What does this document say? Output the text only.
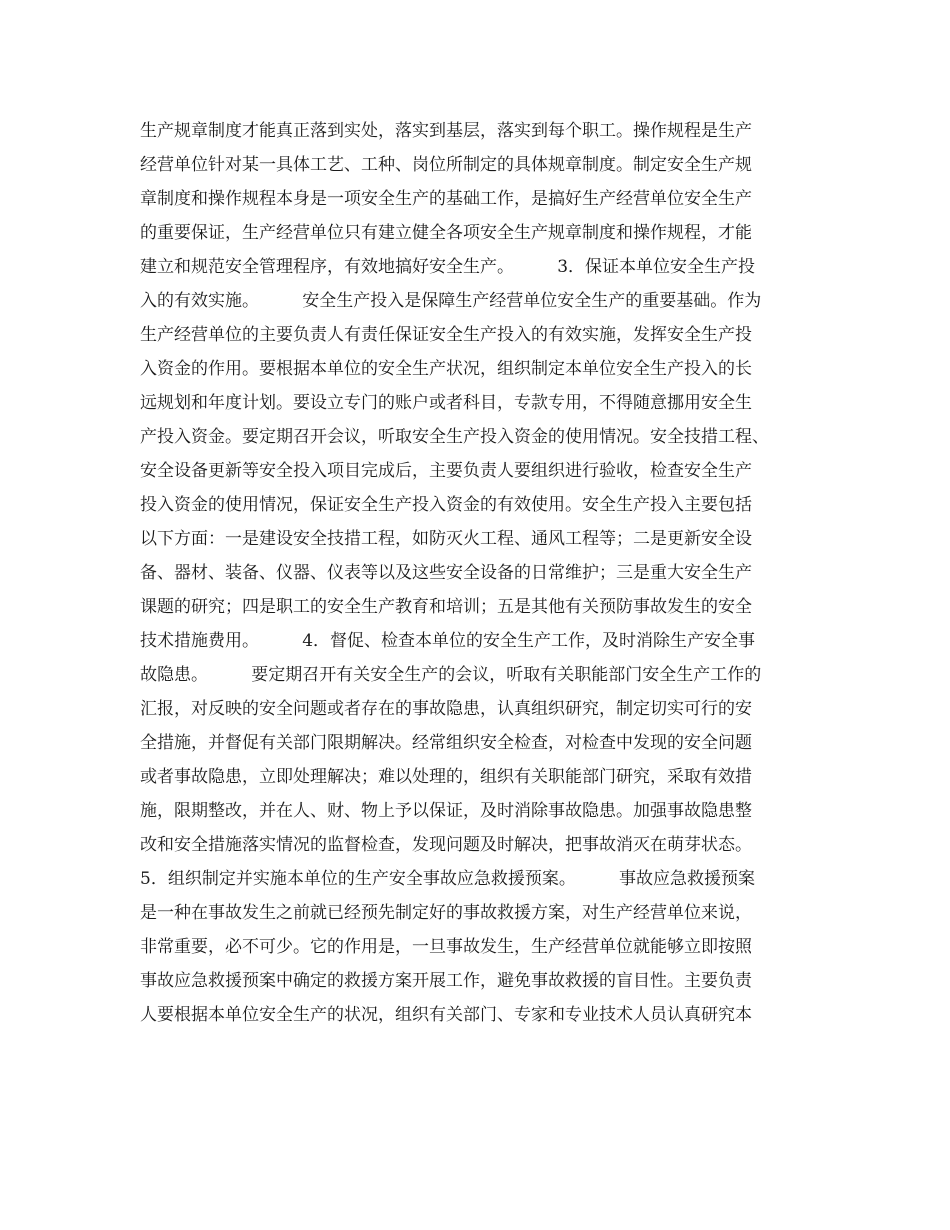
生产规章制度才能真正落到实处，落实到基层，落实到每个职工。操作规程是生产
经营单位针对某一具体工艺、工种、岗位所制定的具体规章制度。制定安全生产规
章制度和操作规程本身是一项安全生产的基础工作，是搞好生产经营单位安全生产
的重要保证，生产经营单位只有建立健全各项安全生产规章制度和操作规程，才能
建立和规范安全管理程序，有效地搞好安全生产。        3．保证本单位安全生产投
入的有效实施。        安全生产投入是保障生产经营单位安全生产的重要基础。作为
生产经营单位的主要负责人有责任保证安全生产投入的有效实施，发挥安全生产投
入资金的作用。要根据本单位的安全生产状况，组织制定本单位安全生产投入的长
远规划和年度计划。要设立专门的账户或者科目，专款专用，不得随意挪用安全生
产投入资金。要定期召开会议，听取安全生产投入资金的使用情况。安全技措工程、
安全设备更新等安全投入项目完成后，主要负责人要组织进行验收，检查安全生产
投入资金的使用情况，保证安全生产投入资金的有效使用。安全生产投入主要包括
以下方面：一是建设安全技措工程，如防灭火工程、通风工程等；二是更新安全设
备、器材、装备、仪器、仪表等以及这些安全设备的日常维护；三是重大安全生产
课题的研究；四是职工的安全生产教育和培训；五是其他有关预防事故发生的安全
技术措施费用。        4．督促、检查本单位的安全生产工作，及时消除生产安全事
故隐患。        要定期召开有关安全生产的会议，听取有关职能部门安全生产工作的
汇报，对反映的安全问题或者存在的事故隐患，认真组织研究，制定切实可行的安
全措施，并督促有关部门限期解决。经常组织安全检查，对检查中发现的安全问题
或者事故隐患，立即处理解决；难以处理的，组织有关职能部门研究，采取有效措
施，限期整改，并在人、财、物上予以保证，及时消除事故隐患。加强事故隐患整
改和安全措施落实情况的监督检查，发现问题及时解决，把事故消灭在萌芽状态。
5．组织制定并实施本单位的生产安全事故应急救援预案。        事故应急救援预案
是一种在事故发生之前就已经预先制定好的事故救援方案，对生产经营单位来说，
非常重要，必不可少。它的作用是，一旦事故发生，生产经营单位就能够立即按照
事故应急救援预案中确定的救援方案开展工作，避免事故救援的盲目性。主要负责
人要根据本单位安全生产的状况，组织有关部门、专家和专业技术人员认真研究本
